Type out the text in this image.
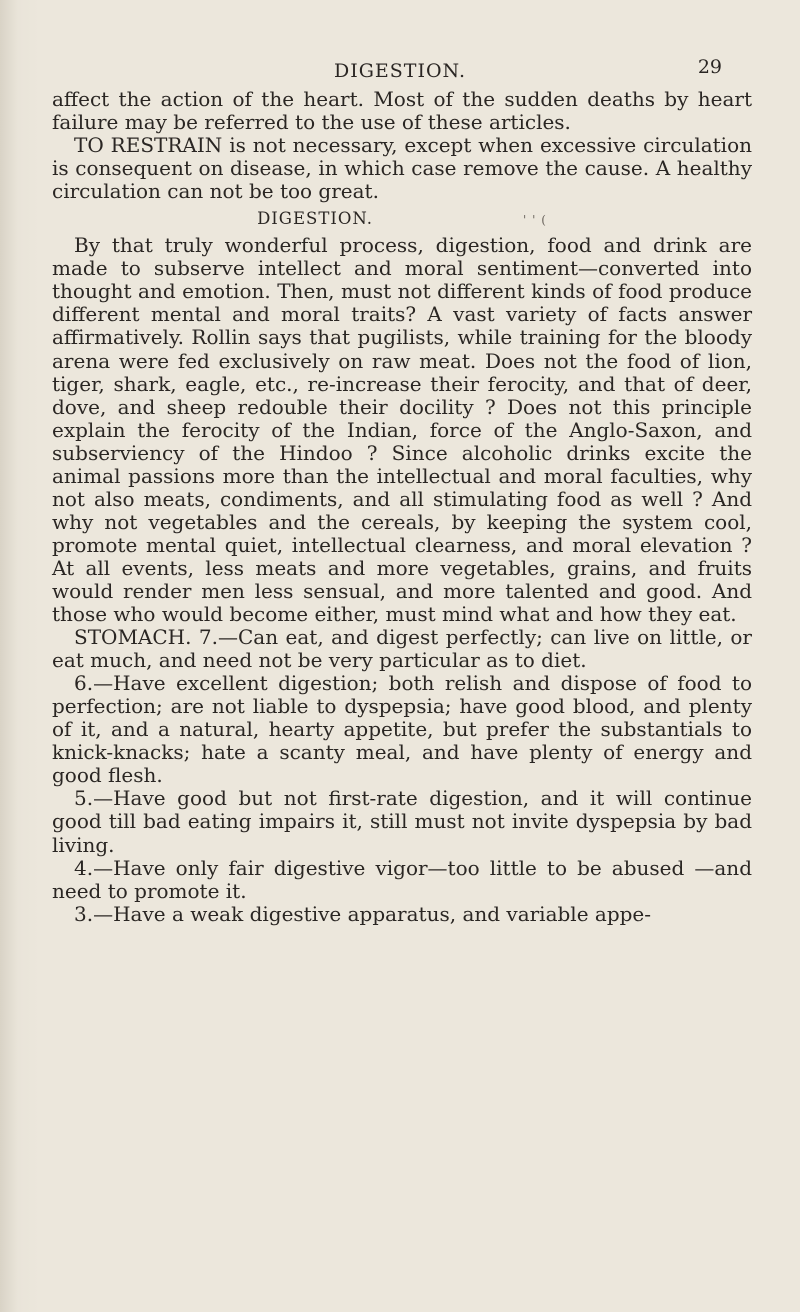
DIGESTION.	29

affect the action of the heart. Most of the sudden deaths by heart failure may be referred to the use of these articles.

TO RESTRAIN is not necessary, except when excessive circulation is consequent on disease, in which case remove the cause. A healthy circulation can not be too great.

DIGESTION.	' ' (

By that truly wonderful process, digestion, food and drink are made to subserve intellect and moral sentiment—converted into thought and emotion. Then, must not different kinds of food produce different mental and moral traits? A vast variety of facts answer affirmatively. Rollin says that pugilists, while training for the bloody arena were fed exclusively on raw meat. Does not the food of lion, tiger, shark, eagle, etc., re-increase their ferocity, and that of deer, dove, and sheep redouble their docility ? Does not this principle explain the ferocity of the Indian, force of the Anglo-Saxon, and subserviency of the Hindoo ? Since alcoholic drinks excite the animal passions more than the intellectual and moral faculties, why not also meats, condiments, and all stimulating food as well ? And why not vegetables and the cereals, by keeping the system cool, promote mental quiet, intellectual clearness, and moral elevation ? At all events, less meats and more vegetables, grains, and fruits would render men less sensual, and more talented and good. And those who would become either, must mind what and how they eat.

STOMACH. 7.—Can eat, and digest perfectly; can live on little, or eat much, and need not be very particular as to diet.

6.—Have excellent digestion; both relish and dispose of food to perfection; are not liable to dyspepsia; have good blood, and plenty of it, and a natural, hearty appetite, but prefer the substantials to knick-knacks; hate a scanty meal, and have plenty of energy and good flesh.

5.—Have good but not first-rate digestion, and it will continue good till bad eating impairs it, still must not invite dyspepsia by bad living.

4.—Have only fair digestive vigor—too little to be abused —and need to promote it.

3.—Have a weak digestive apparatus, and variable appe-
